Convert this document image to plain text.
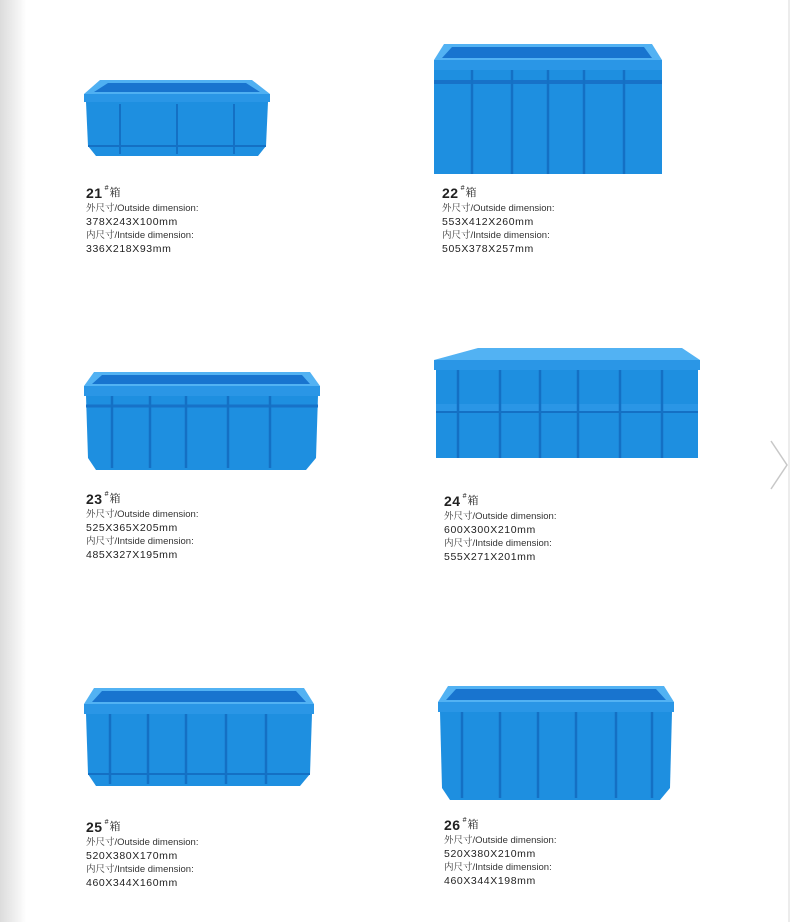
21 # 箱
外尺寸/Outside dimension:
378X243X100mm
内尺寸/Intside dimension:
336X218X93mm
22 # 箱
外尺寸/Outside dimension:
553X412X260mm
内尺寸/Intside dimension:
505X378X257mm
23 # 箱
外尺寸/Outside dimension:
525X365X205mm
内尺寸/Intside dimension:
485X327X195mm
24 # 箱
外尺寸/Outside dimension:
600X300X210mm
内尺寸/Intside dimension:
555X271X201mm
25 # 箱
外尺寸/Outside dimension:
520X380X170mm
内尺寸/Intside dimension:
460X344X160mm
26 # 箱
外尺寸/Outside dimension:
520X380X210mm
内尺寸/Intside dimension:
460X344X198mm
